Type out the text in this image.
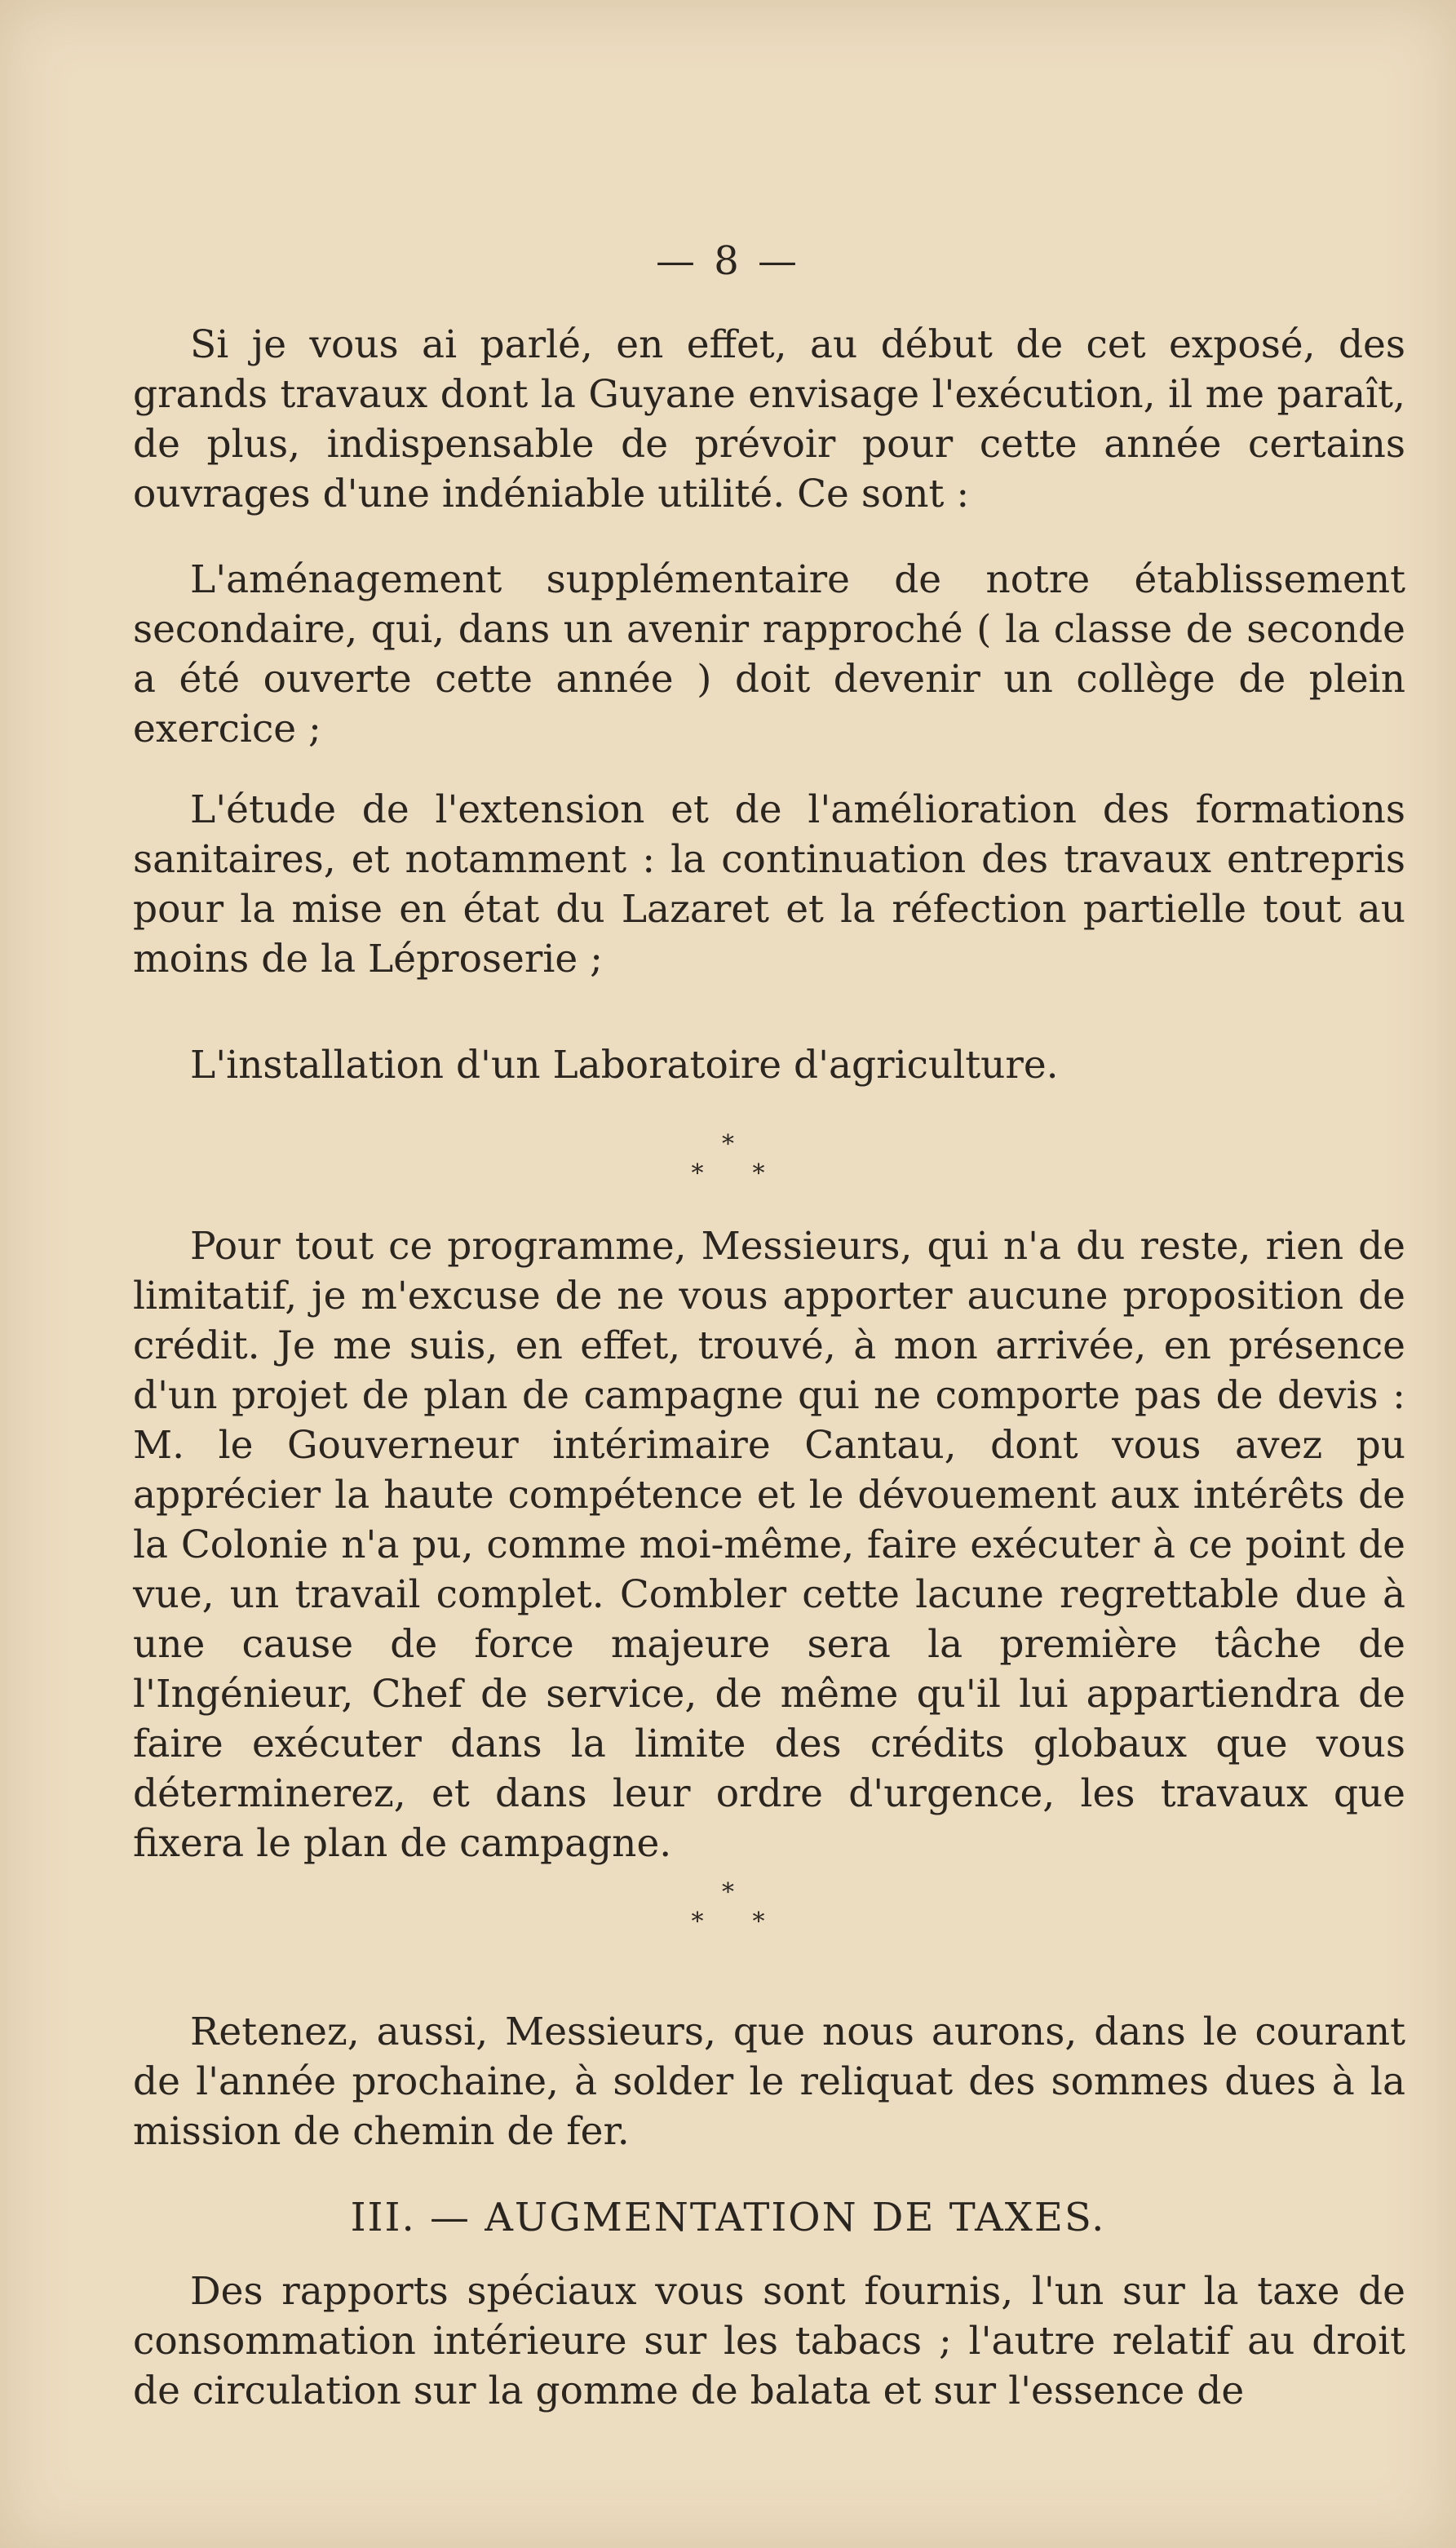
— 8 —

Si je vous ai parlé, en effet, au début de cet exposé, des grands travaux dont la Guyane envisage l'exécution, il me paraît, de plus, indispensable de prévoir pour cette année certains ouvrages d'une indéniable utilité. Ce sont :

L'aménagement supplémentaire de notre établissement secondaire, qui, dans un avenir rapproché ( la classe de seconde a été ouverte cette année ) doit devenir un collège de plein exercice ;

L'étude de l'extension et de l'amélioration des formations sanitaires, et notamment : la continuation des travaux entrepris pour la mise en état du Lazaret et la réfection partielle tout au moins de la Léproserie ;

L'installation d'un Laboratoire d'agriculture.

*
**

Pour tout ce programme, Messieurs, qui n'a du reste, rien de limitatif, je m'excuse de ne vous apporter aucune proposition de crédit. Je me suis, en effet, trouvé, à mon arrivée, en présence d'un projet de plan de campagne qui ne comporte pas de devis : M. le Gouverneur intérimaire Cantau, dont vous avez pu apprécier la haute compétence et le dévouement aux intérêts de la Colonie n'a pu, comme moi-même, faire exécuter à ce point de vue, un travail complet. Combler cette lacune regrettable due à une cause de force majeure sera la première tâche de l'Ingénieur, Chef de service, de même qu'il lui appartiendra de faire exécuter dans la limite des crédits globaux que vous déterminerez, et dans leur ordre d'urgence, les travaux que fixera le plan de campagne.

*
**

Retenez, aussi, Messieurs, que nous aurons, dans le courant de l'année prochaine, à solder le reliquat des sommes dues à la mission de chemin de fer.

III. — AUGMENTATION DE TAXES.

Des rapports spéciaux vous sont fournis, l'un sur la taxe de consommation intérieure sur les tabacs ; l'autre relatif au droit de circulation sur la gomme de balata et sur l'essence de
